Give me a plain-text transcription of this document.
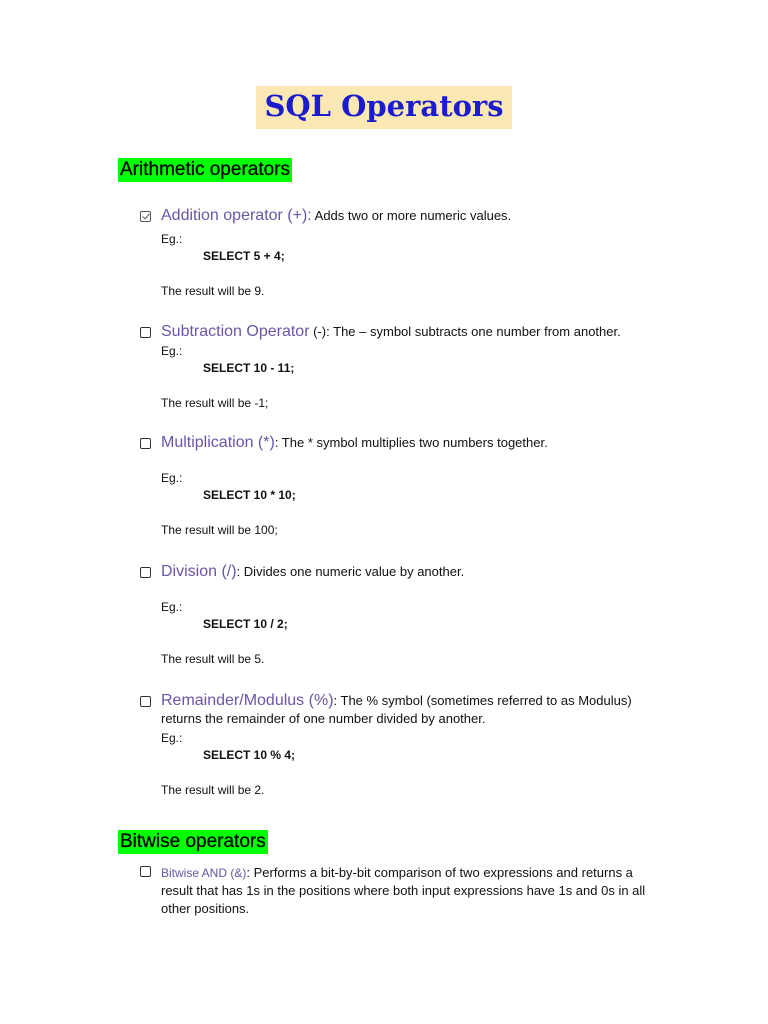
SQL Operators
Arithmetic operators
Addition operator (+): Adds two or more numeric values.
Eg.:
SELECT 5 + 4;
The result will be 9.
Subtraction Operator (-): The – symbol subtracts one number from another.
Eg.:
SELECT 10 - 11;
The result will be -1;
Multiplication (*): The * symbol multiplies two numbers together.
Eg.:
SELECT 10 * 10;
The result will be 100;
Division (/): Divides one numeric value by another.
Eg.:
SELECT 10 / 2;
The result will be 5.
Remainder/Modulus (%): The % symbol (sometimes referred to as Modulus) returns the remainder of one number divided by another.
Eg.:
SELECT 10 % 4;
The result will be 2.
Bitwise operators
Bitwise AND (&): Performs a bit-by-bit comparison of two expressions and returns a result that has 1s in the positions where both input expressions have 1s and 0s in all other positions.
